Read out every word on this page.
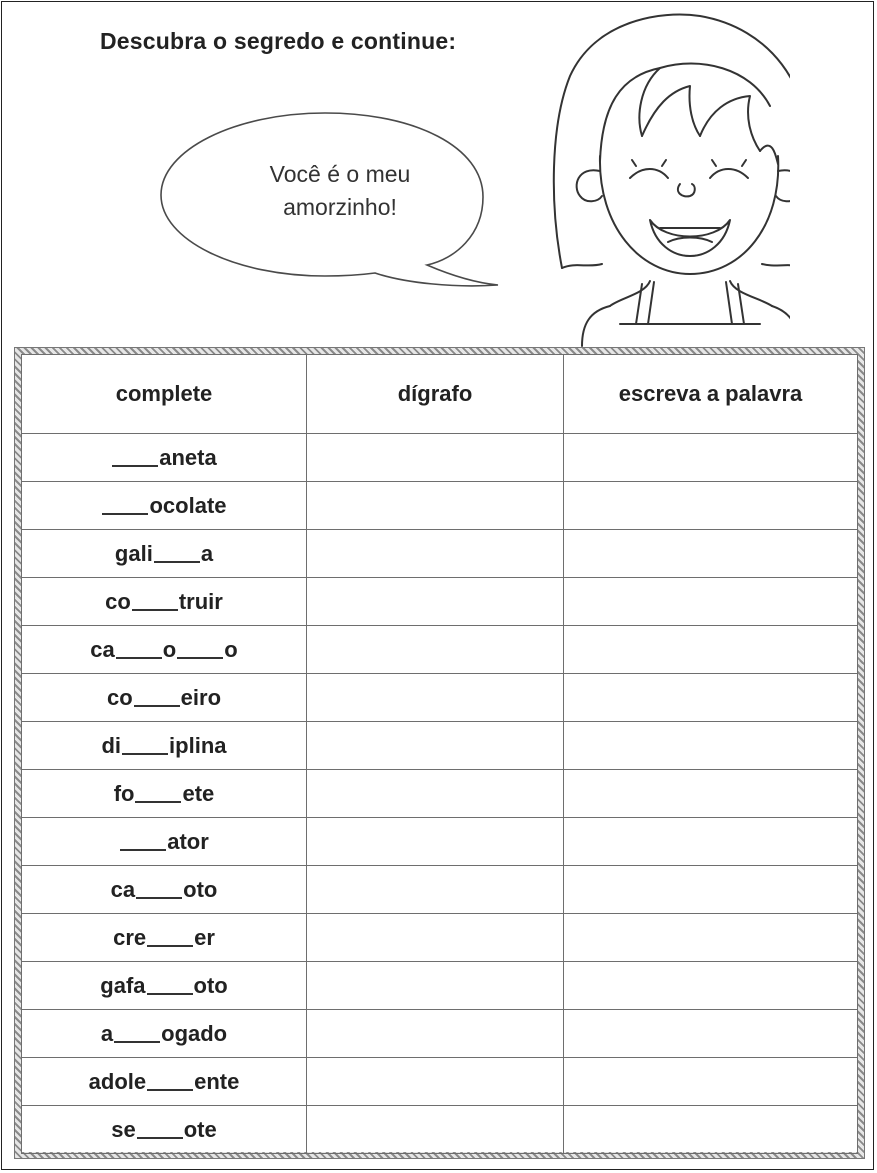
Descubra o segredo e continue:
Você é o meu
amorzinho!
complete	dígrafo	escreva a palavra
aneta		
ocolate		
gali a		
co truir		
ca o o		
co eiro		
di iplina		
fo ete		
ator		
ca oto		
cre er		
gafa oto		
a ogado		
adole ente		
se ote		
